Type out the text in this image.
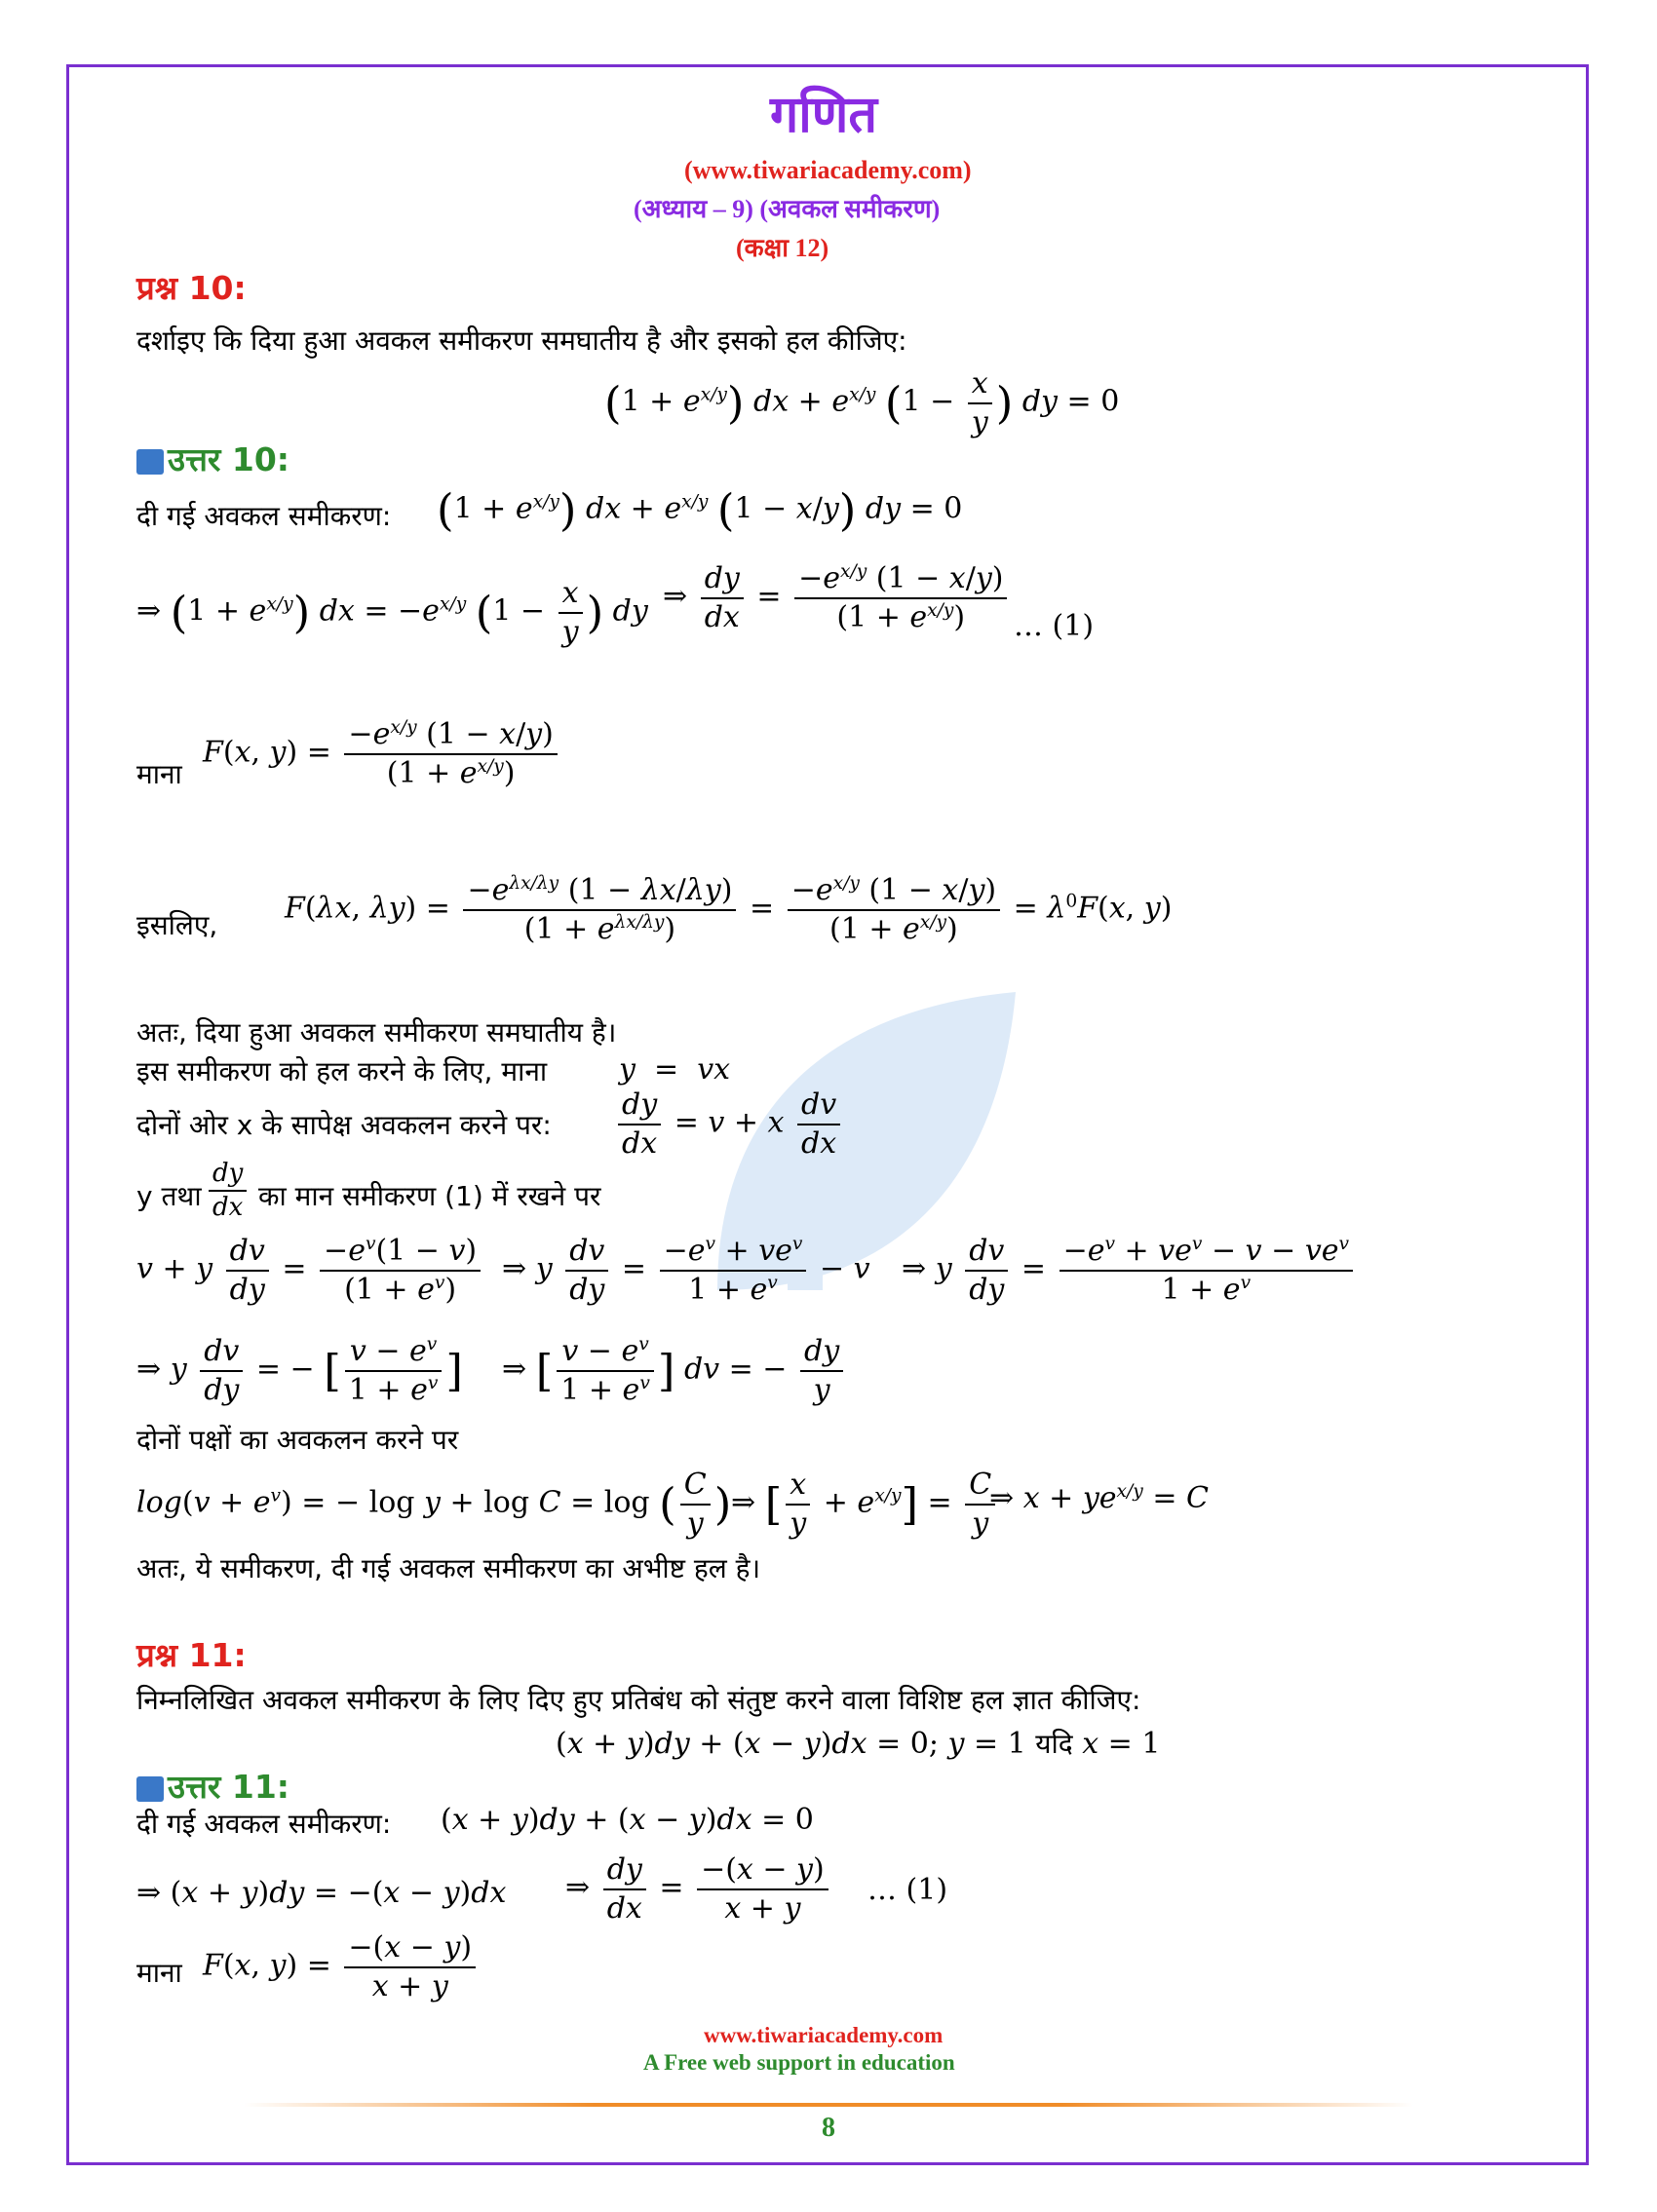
गणित
(www.tiwariacademy.com)
(अध्याय – 9) (अवकल समीकरण)
(कक्षा 12)
प्रश्न 10:
दर्शाइए कि दिया हुआ अवकल समीकरण समघातीय है और इसको हल कीजिए:
$(1 + e^{x/y})$ dx + $e^{x/y}$ ($1 - \frac{x}{y}$ ) dy = 0
उत्तर 10:
दी गई अवकल समीकरण: $(1 + e^{x/y})$ dx + $e^{x/y}$ (1 − x/y) dy = 0
⇒ $(1 + e^{x/y})$ dx = $-e^{x/y}$ ($1 - \frac{x}{y}$ ) dy ⇒ $\frac{dy}{dx} = \frac{-e^{x/y} (1 - x/y)}{(1 + e^{x/y})}$ … (1)
माना
F(x, $y) = \frac{-e^{x/y} (1 - x/y)}{(1 + e^{x/y})}$
इसलिए, F(λx, λy) =
$-e^{\lambda x/\lambda y}$ (1 − λx/λy)
$(1 + e^{\lambda x/\lambda y})$
= $\frac{-e^{x/y} (1 - x/y)}{(1 + e^{x/y})} = \lambda^0F(x$, y)
अतः, दिया हुआ अवकल समीकरण समघातीय है।
इस समीकरण को हल करने के लिए, माना y  =  vx
दोनों ओर x के सापेक्ष अवकलन करने पर: $\frac{dy}{dx} = v + x \frac{dv}{dx}$
y तथा $\frac{dy}{dx}$ का मान समीकरण (1) में रखने पर
v + y $\frac{dv}{dy} = \frac{-e^v(1 - v)}{(1 + e^v)}$ ⇒ y $\frac{dv}{dy}$ =
$-e^v + ve^v$
$1 + e^v$	− v ⇒ y $\frac{dv}{dy}$ =
$-e^v + ve^v - v - ve^v$
$1 + e^v$
⇒ y $\frac{dv}{dy}$ = − [ $\frac{v - e^v}{1 + e^v}$ ] ⇒ [ $\frac{v - e^v}{1 + e^v}$ ] dv = − $\frac{dy}{y}$
दोनों पक्षों का अवकलन करने पर
$\log(v + e^v)$ = − log y + log C = log ( $\frac{C}{y}$ ) ⇒ [ $\frac{x}{y} + e^{x/y}] = \frac{C}{y}$
⇒ $x + ye^{x/y} = C$
अतः, ये समीकरण, दी गई अवकल समीकरण का अभीष्ट हल है।
प्रश्न 11:
निम्नलिखित अवकल समीकरण के लिए दिए हुए प्रतिबंध को संतुष्ट करने वाला विशिष्ट हल ज्ञात कीजिए:
(x + y)dy + (x − y)dx = 0; y = 1 यदि x = 1
उत्तर 11:
दी गई अवकल समीकरण: (x + y)dy + (x − y)dx = 0
⇒ (x + y)dy = −(x − y)dx ⇒ $\frac{dy}{dx} = \frac{-(x - y)}{x + y}$ … (1)
माना F(x, $y) = \frac{-(x - y)}{x + y}$
www.tiwariacademy.com
A Free web support in education
8
